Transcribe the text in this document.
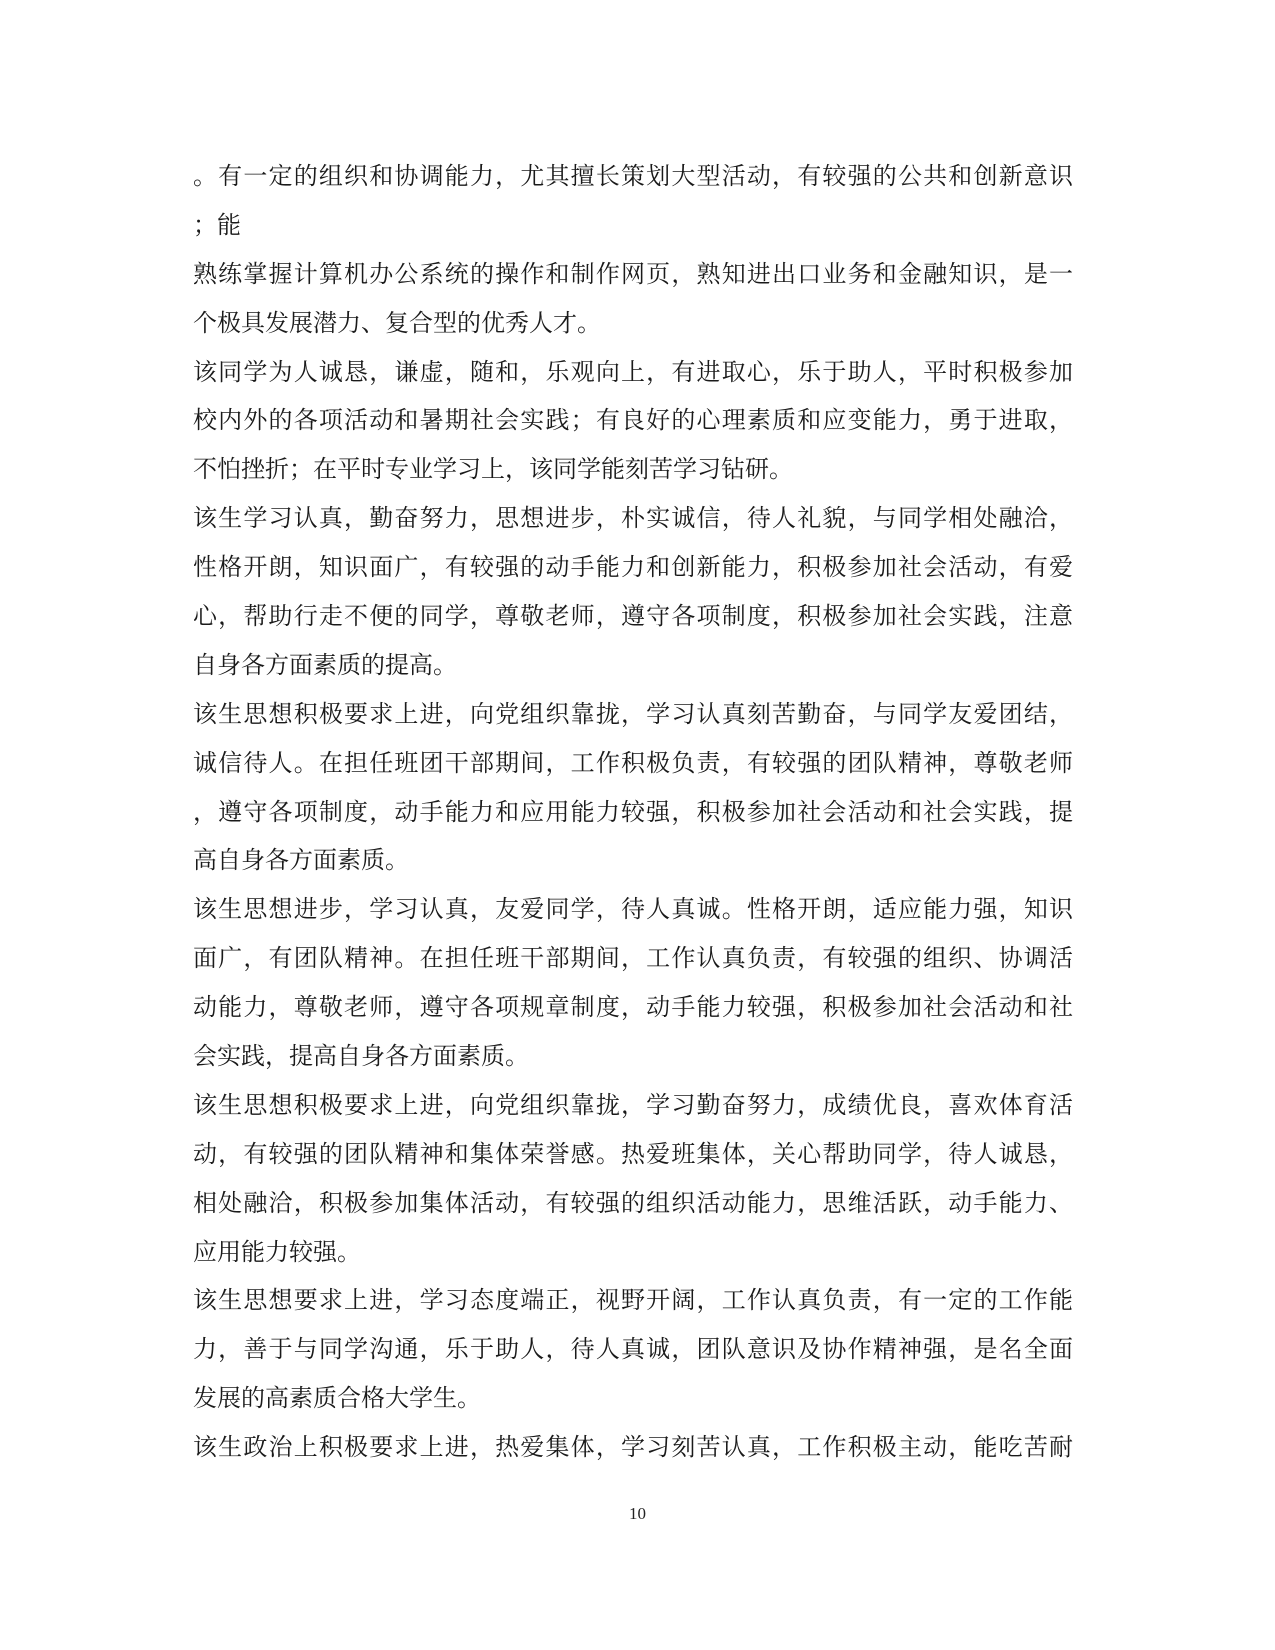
。有一定的组织和协调能力，尤其擅长策划大型活动，有较强的公共和创新意识
；能
熟练掌握计算机办公系统的操作和制作网页，熟知进出口业务和金融知识，是一
个极具发展潜力、复合型的优秀人才。
该同学为人诚恳，谦虚，随和，乐观向上，有进取心，乐于助人，平时积极参加
校内外的各项活动和暑期社会实践；有良好的心理素质和应变能力，勇于进取，
不怕挫折；在平时专业学习上，该同学能刻苦学习钻研。
该生学习认真，勤奋努力，思想进步，朴实诚信，待人礼貌，与同学相处融洽，
性格开朗，知识面广，有较强的动手能力和创新能力，积极参加社会活动，有爱
心，帮助行走不便的同学，尊敬老师，遵守各项制度，积极参加社会实践，注意
自身各方面素质的提高。
该生思想积极要求上进，向党组织靠拢，学习认真刻苦勤奋，与同学友爱团结，
诚信待人。在担任班团干部期间，工作积极负责，有较强的团队精神，尊敬老师
，遵守各项制度，动手能力和应用能力较强，积极参加社会活动和社会实践，提
高自身各方面素质。
该生思想进步，学习认真，友爱同学，待人真诚。性格开朗，适应能力强，知识
面广，有团队精神。在担任班干部期间，工作认真负责，有较强的组织、协调活
动能力，尊敬老师，遵守各项规章制度，动手能力较强，积极参加社会活动和社
会实践，提高自身各方面素质。
该生思想积极要求上进，向党组织靠拢，学习勤奋努力，成绩优良，喜欢体育活
动，有较强的团队精神和集体荣誉感。热爱班集体，关心帮助同学，待人诚恳，
相处融洽，积极参加集体活动，有较强的组织活动能力，思维活跃，动手能力、
应用能力较强。
该生思想要求上进，学习态度端正，视野开阔，工作认真负责，有一定的工作能
力，善于与同学沟通，乐于助人，待人真诚，团队意识及协作精神强，是名全面
发展的高素质合格大学生。
该生政治上积极要求上进，热爱集体，学习刻苦认真，工作积极主动，能吃苦耐
10
